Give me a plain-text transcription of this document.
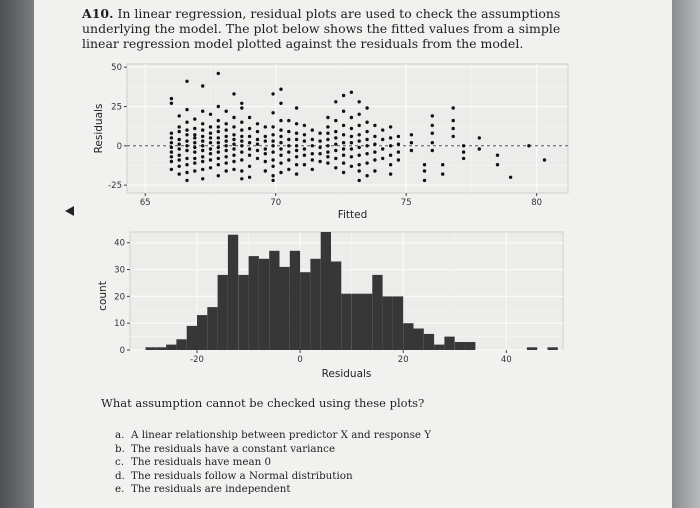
A10. In linear regression, residual plots are used to check the assumptions underlying the model. The plot below shows the fitted values from a simple linear regression model plotted against the residuals from the model.
65	70	75	80
-25
0
25
50
Fitted
Residuals
-20	0	20	40
0
10
20
30
40
Residuals
count
What assumption cannot be checked using these plots?
a. A linear relationship between predictor X and response Y
b. The residuals have a constant variance
c. The residuals have mean 0
d. The residuals follow a Normal distribution
e. The residuals are independent
